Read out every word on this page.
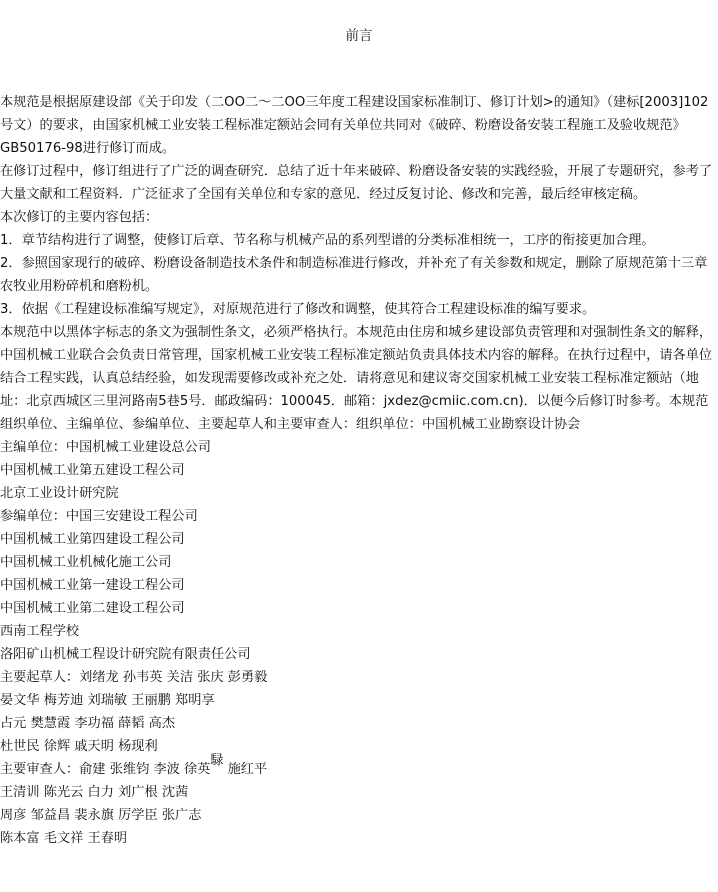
前言

本规范是根据原建设部《关于印发（二OO二～二OO三年度工程建设国家标准制订、修订计划>的通知》（建标[2003]102号文）的要求，由国家机械工业安装工程标准定额站会同有关单位共同对《破碎、粉磨设备安装工程施工及验收规范》GB50176-98进行修订而成。

在修订过程中，修订组进行了广泛的调查研究．总结了近十年来破碎、粉磨设备安装的实践经验，开展了专题研究，参考了大量文献和工程资料．广泛征求了全国有关单位和专家的意见．经过反复讨论、修改和完善，最后经审核定稿。

本次修订的主要内容包括：

1．章节结构进行了调整，使修订后章、节名称与机械产品的系列型谱的分类标准相统一，工序的衔接更加合理。

2．参照国家现行的破碎、粉磨设备制造技术条件和制造标准进行修改，并补充了有关参数和规定，删除了原规范第十三章农牧业用粉碎机和磨粉机。

3．依据《工程建设标准编写规定》，对原规范进行了修改和调整，使其符合工程建设标准的编写要求。

本规范中以黑体字标志的条文为强制性条文，必须严格执行。本规范由住房和城乡建设部负责管理和对强制性条文的解释，中国机械工业联合会负责日常管理，国家机械工业安装工程标准定额站负责具体技术内容的解释。在执行过程中，请各单位结合工程实践，认真总结经验，如发现需要修改或补充之处．请将意见和建议寄交国家机械工业安装工程标准定额站（地址：北京西城区三里河路南5巷5号．邮政编码：100045．邮箱：jxdez@cmiic.com.cn)．以便今后修订时参考。本规范组织单位、主编单位、参编单位、主要起草人和主要审查人：组织单位：中国机械工业勘察设计协会

主编单位：中国机械工业建设总公司
中国机械工业第五建设工程公司
北京工业设计研究院
参编单位：中国三安建设工程公司
中国机械工业第四建设工程公司
中国机械工业机械化施工公司
中国机械工业第一建设工程公司
中国机械工业第二建设工程公司
西南工程学校
洛阳矿山机械工程设计研究院有限责任公司
主要起草人：刘绪龙 孙韦英 关洁 张庆 彭勇毅
晏文华 梅芳迪 刘瑞敏 王丽鹏 郑明享
占元 樊慧霞 李功福 薛韬 高杰
杜世民 徐辉 戚天明 杨现利
主要审查人：俞建 张维钧 李波 徐英騄 施红平
王清训 陈光云 白力 刘广根 沈茜
周彦 邹益昌 裴永旗 厉学臣 张广志
陈本富 毛文祥 王春明
